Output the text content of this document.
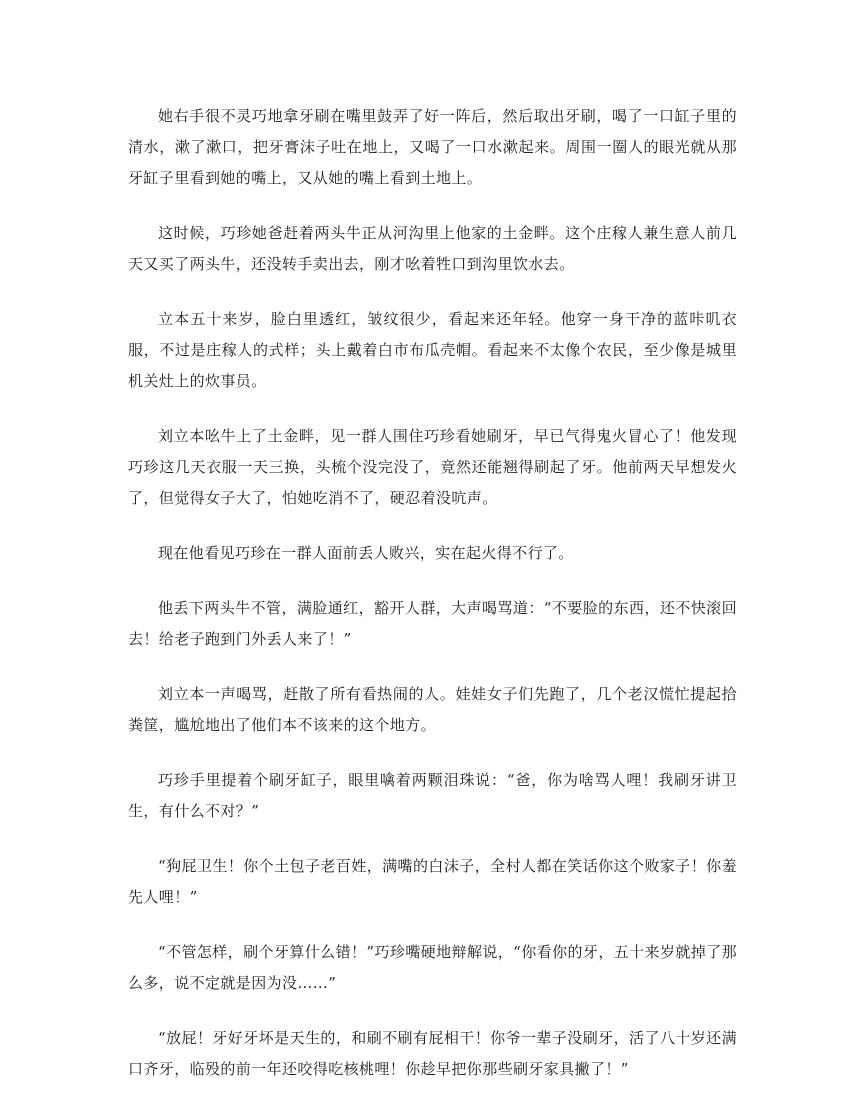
她右手很不灵巧地拿牙刷在嘴里鼓弄了好一阵后，然后取出牙刷，喝了一口缸子里的清水，漱了漱口，把牙膏沫子吐在地上，又喝了一口水漱起来。周围一圈人的眼光就从那牙缸子里看到她的嘴上，又从她的嘴上看到土地上。

这时候，巧珍她爸赶着两头牛正从河沟里上他家的土金畔。这个庄稼人兼生意人前几天又买了两头牛，还没转手卖出去，刚才吆着牲口到沟里饮水去。

立本五十来岁，脸白里透红，皱纹很少，看起来还年轻。他穿一身干净的蓝咔叽衣服，不过是庄稼人的式样；头上戴着白市布瓜壳帽。看起来不太像个农民，至少像是城里机关灶上的炊事员。

刘立本吆牛上了土金畔，见一群人围住巧珍看她刷牙，早已气得鬼火冒心了！他发现巧珍这几天衣服一天三换，头梳个没完没了，竟然还能翘得刷起了牙。他前两天早想发火了，但觉得女子大了，怕她吃消不了，硬忍着没吭声。

现在他看见巧珍在一群人面前丢人败兴，实在起火得不行了。

他丢下两头牛不管，满脸通红，豁开人群，大声喝骂道：“不要脸的东西，还不快滚回去！给老子跑到门外丢人来了！”

刘立本一声喝骂，赶散了所有看热闹的人。娃娃女子们先跑了，几个老汉慌忙提起拾粪筐，尴尬地出了他们本不该来的这个地方。

巧珍手里提着个刷牙缸子，眼里噙着两颗泪珠说：“爸，你为啥骂人哩！我刷牙讲卫生，有什么不对？”

“狗屁卫生！你个土包子老百姓，满嘴的白沫子，全村人都在笑话你这个败家子！你羞先人哩！”

“不管怎样，刷个牙算什么错！”巧珍嘴硬地辩解说，“你看你的牙，五十来岁就掉了那么多，说不定就是因为没……”

“放屁！牙好牙坏是天生的，和刷不刷有屁相干！你爷一辈子没刷牙，活了八十岁还满口齐牙，临殁的前一年还咬得吃核桃哩！你趁早把你那些刷牙家具撇了！”
